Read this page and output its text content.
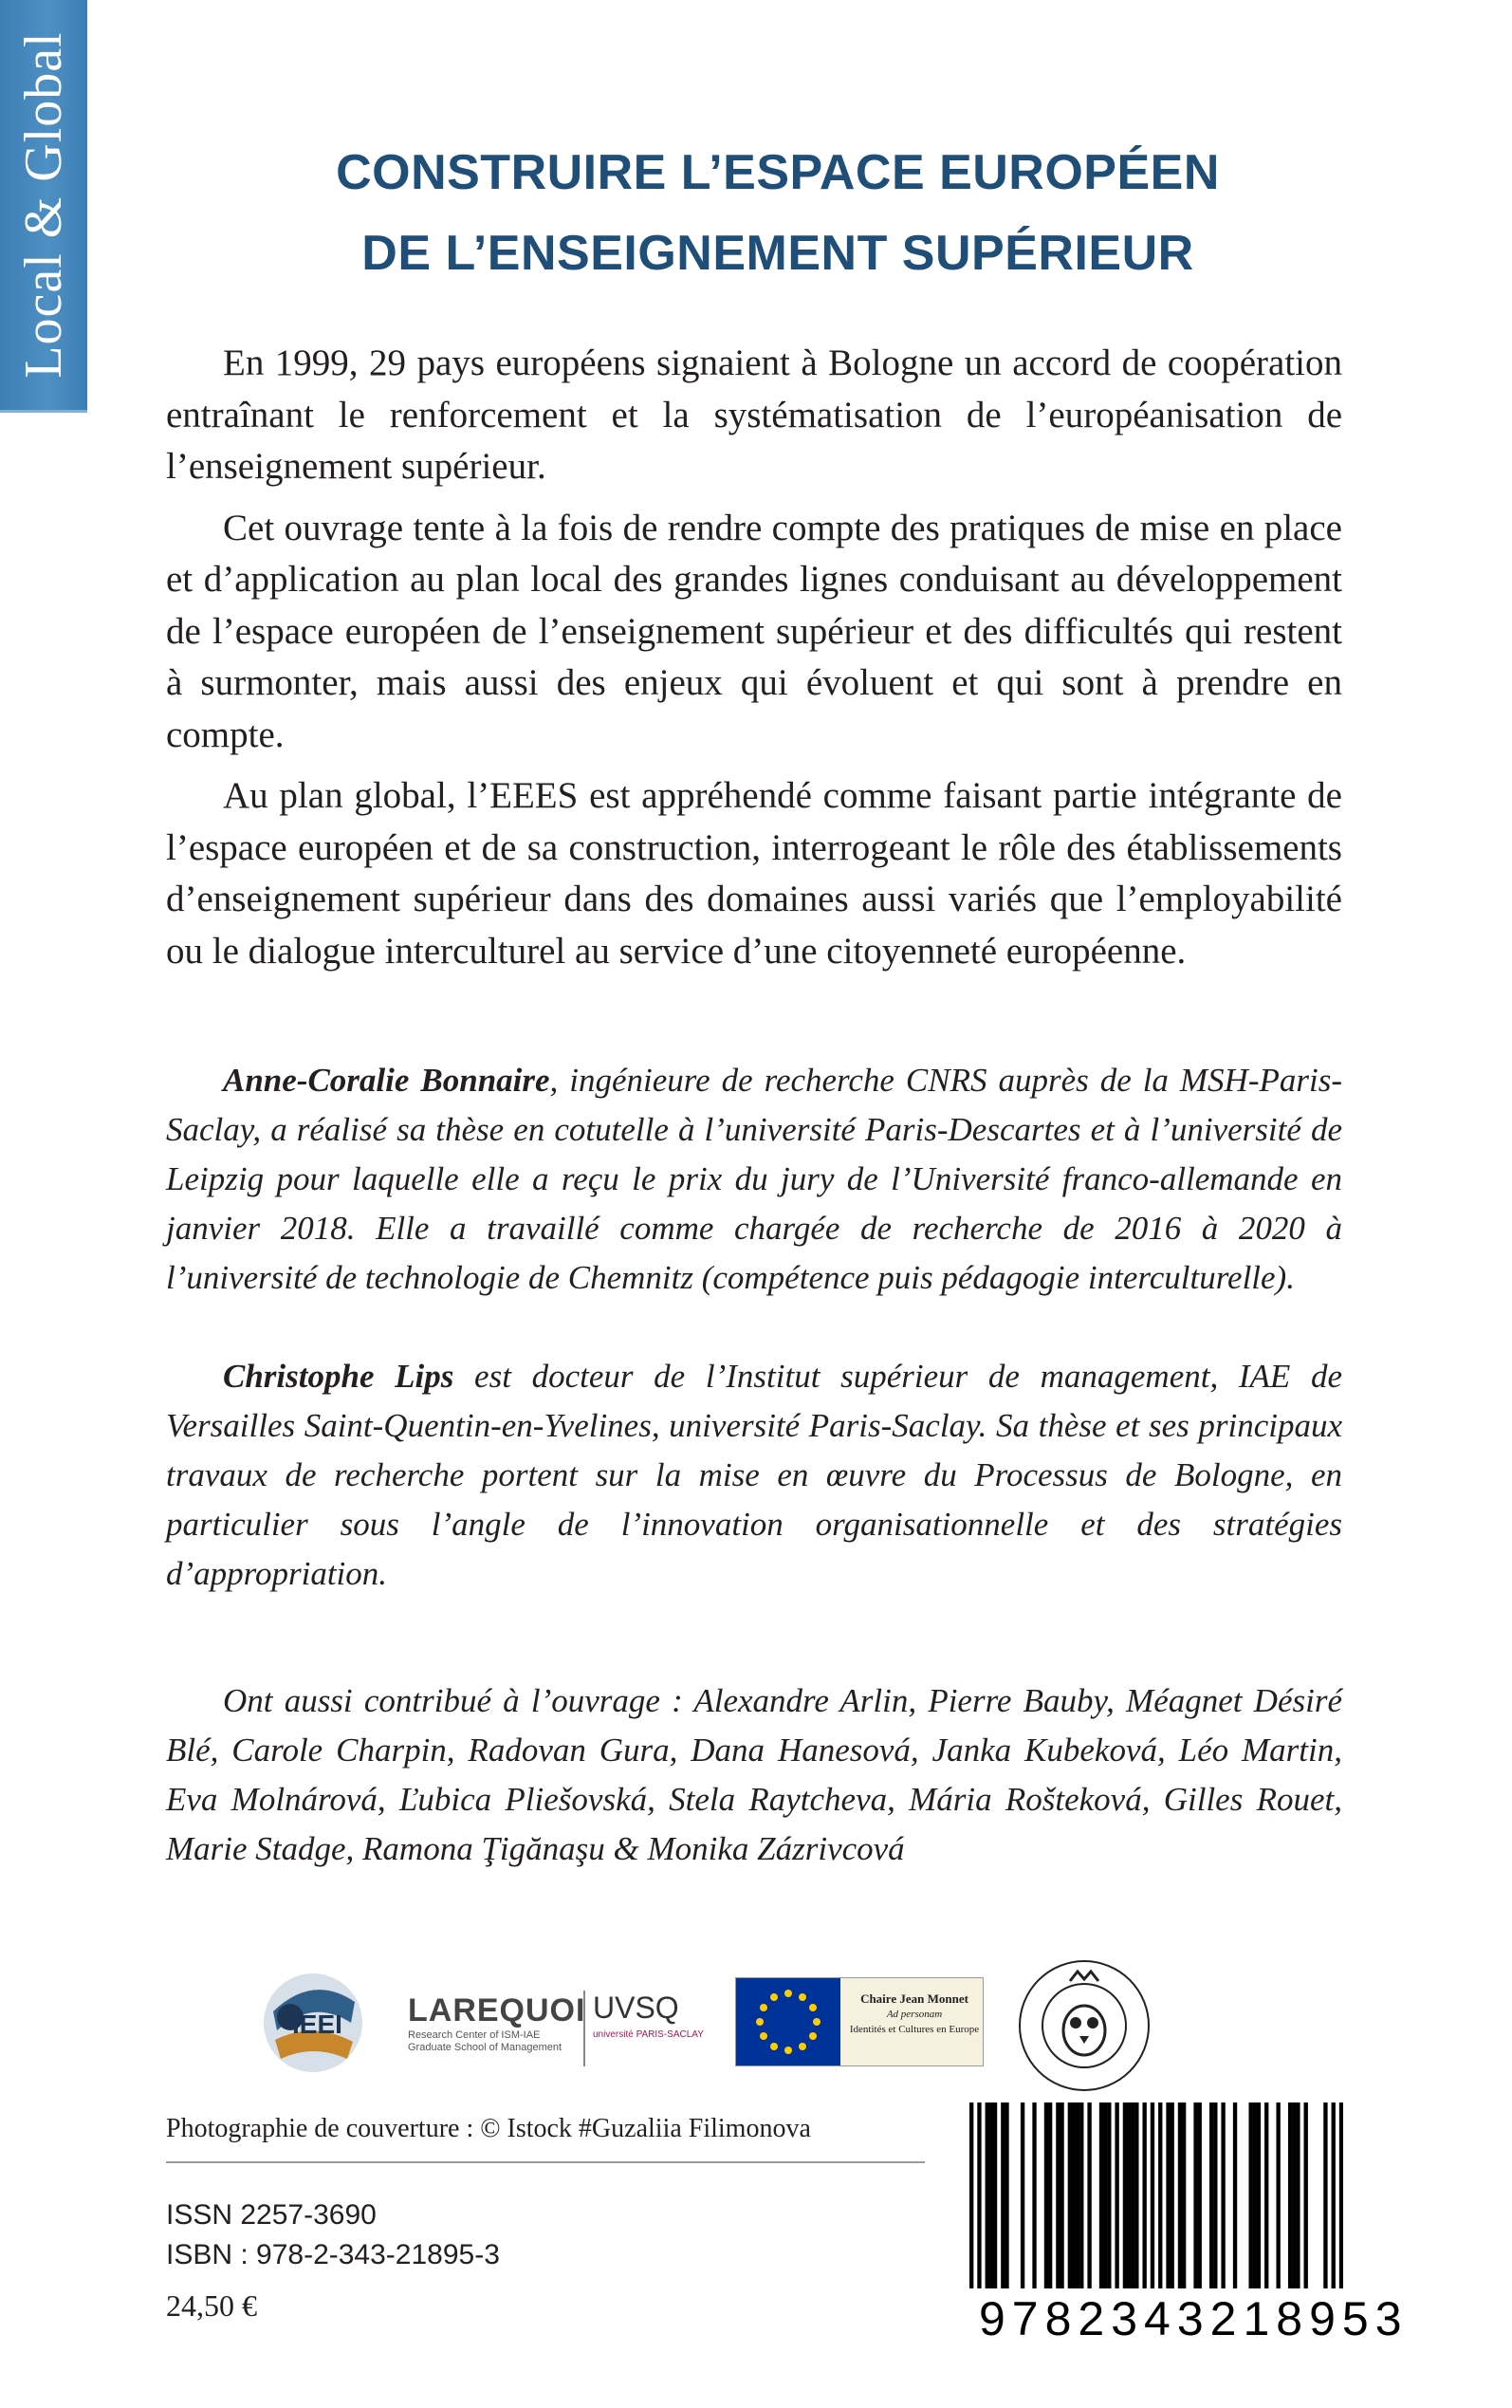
Local & Global	CONSTRUIRE L’ESPACE EUROPÉEN
DE L’ENSEIGNEMENT SUPÉRIEUR

En 1999, 29 pays européens signaient à Bologne un accord de coopération entraînant le renforcement et la systématisation de l’européanisation de l’enseignement supérieur.

Cet ouvrage tente à la fois de rendre compte des pratiques de mise en place et d’application au plan local des grandes lignes conduisant au développement de l’espace européen de l’enseignement supérieur et des difficultés qui restent à surmonter, mais aussi des enjeux qui évoluent et qui sont à prendre en compte.

Au plan global, l’EEES est appréhendé comme faisant partie intégrante de l’espace européen et de sa construction, interrogeant le rôle des établissements d’enseignement supérieur dans des domaines aussi variés que l’employabilité ou le dialogue interculturel au service d’une citoyenneté européenne.

Anne-Coralie Bonnaire, ingénieure de recherche CNRS auprès de la MSH-Paris-Saclay, a réalisé sa thèse en cotutelle à l’université Paris-Descartes et à l’université de Leipzig pour laquelle elle a reçu le prix du jury de l’Université franco-allemande en janvier 2018. Elle a travaillé comme chargée de recherche de 2016 à 2020 à l’université de technologie de Chemnitz (compétence puis pédagogie interculturelle).

Christophe Lips est docteur de l’Institut supérieur de management, IAE de Versailles Saint-Quentin-en-Yvelines, université Paris-Saclay. Sa thèse et ses principaux travaux de recherche portent sur la mise en œuvre du Processus de Bologne, en particulier sous l’angle de l’innovation organisationnelle et des stratégies d’appropriation.

Ont aussi contribué à l’ouvrage : Alexandre Arlin, Pierre Bauby, Méagnet Désiré Blé, Carole Charpin, Radovan Gura, Dana Hanesová, Janka Kubeková, Léo Martin, Eva Molnárová, Ľubica Pliešovská, Stela Raytcheva, Mária Rošteková, Gilles Rouet, Marie Stadge, Ramona Ţigănaşu & Monika Zázrivcová

IEEI LAREQUOI
Research Center of ISM-IAE
Graduate School of Management
UVSQ
université PARIS-SACLAY
Chaire Jean Monnet
Ad personam
Identités et Cultures en Europe
Photographie de couverture : © Istock #Guzaliia Filimonova
ISSN 2257-3690
ISBN : 978-2-343-21895-3
24,50 €	9782343218953
